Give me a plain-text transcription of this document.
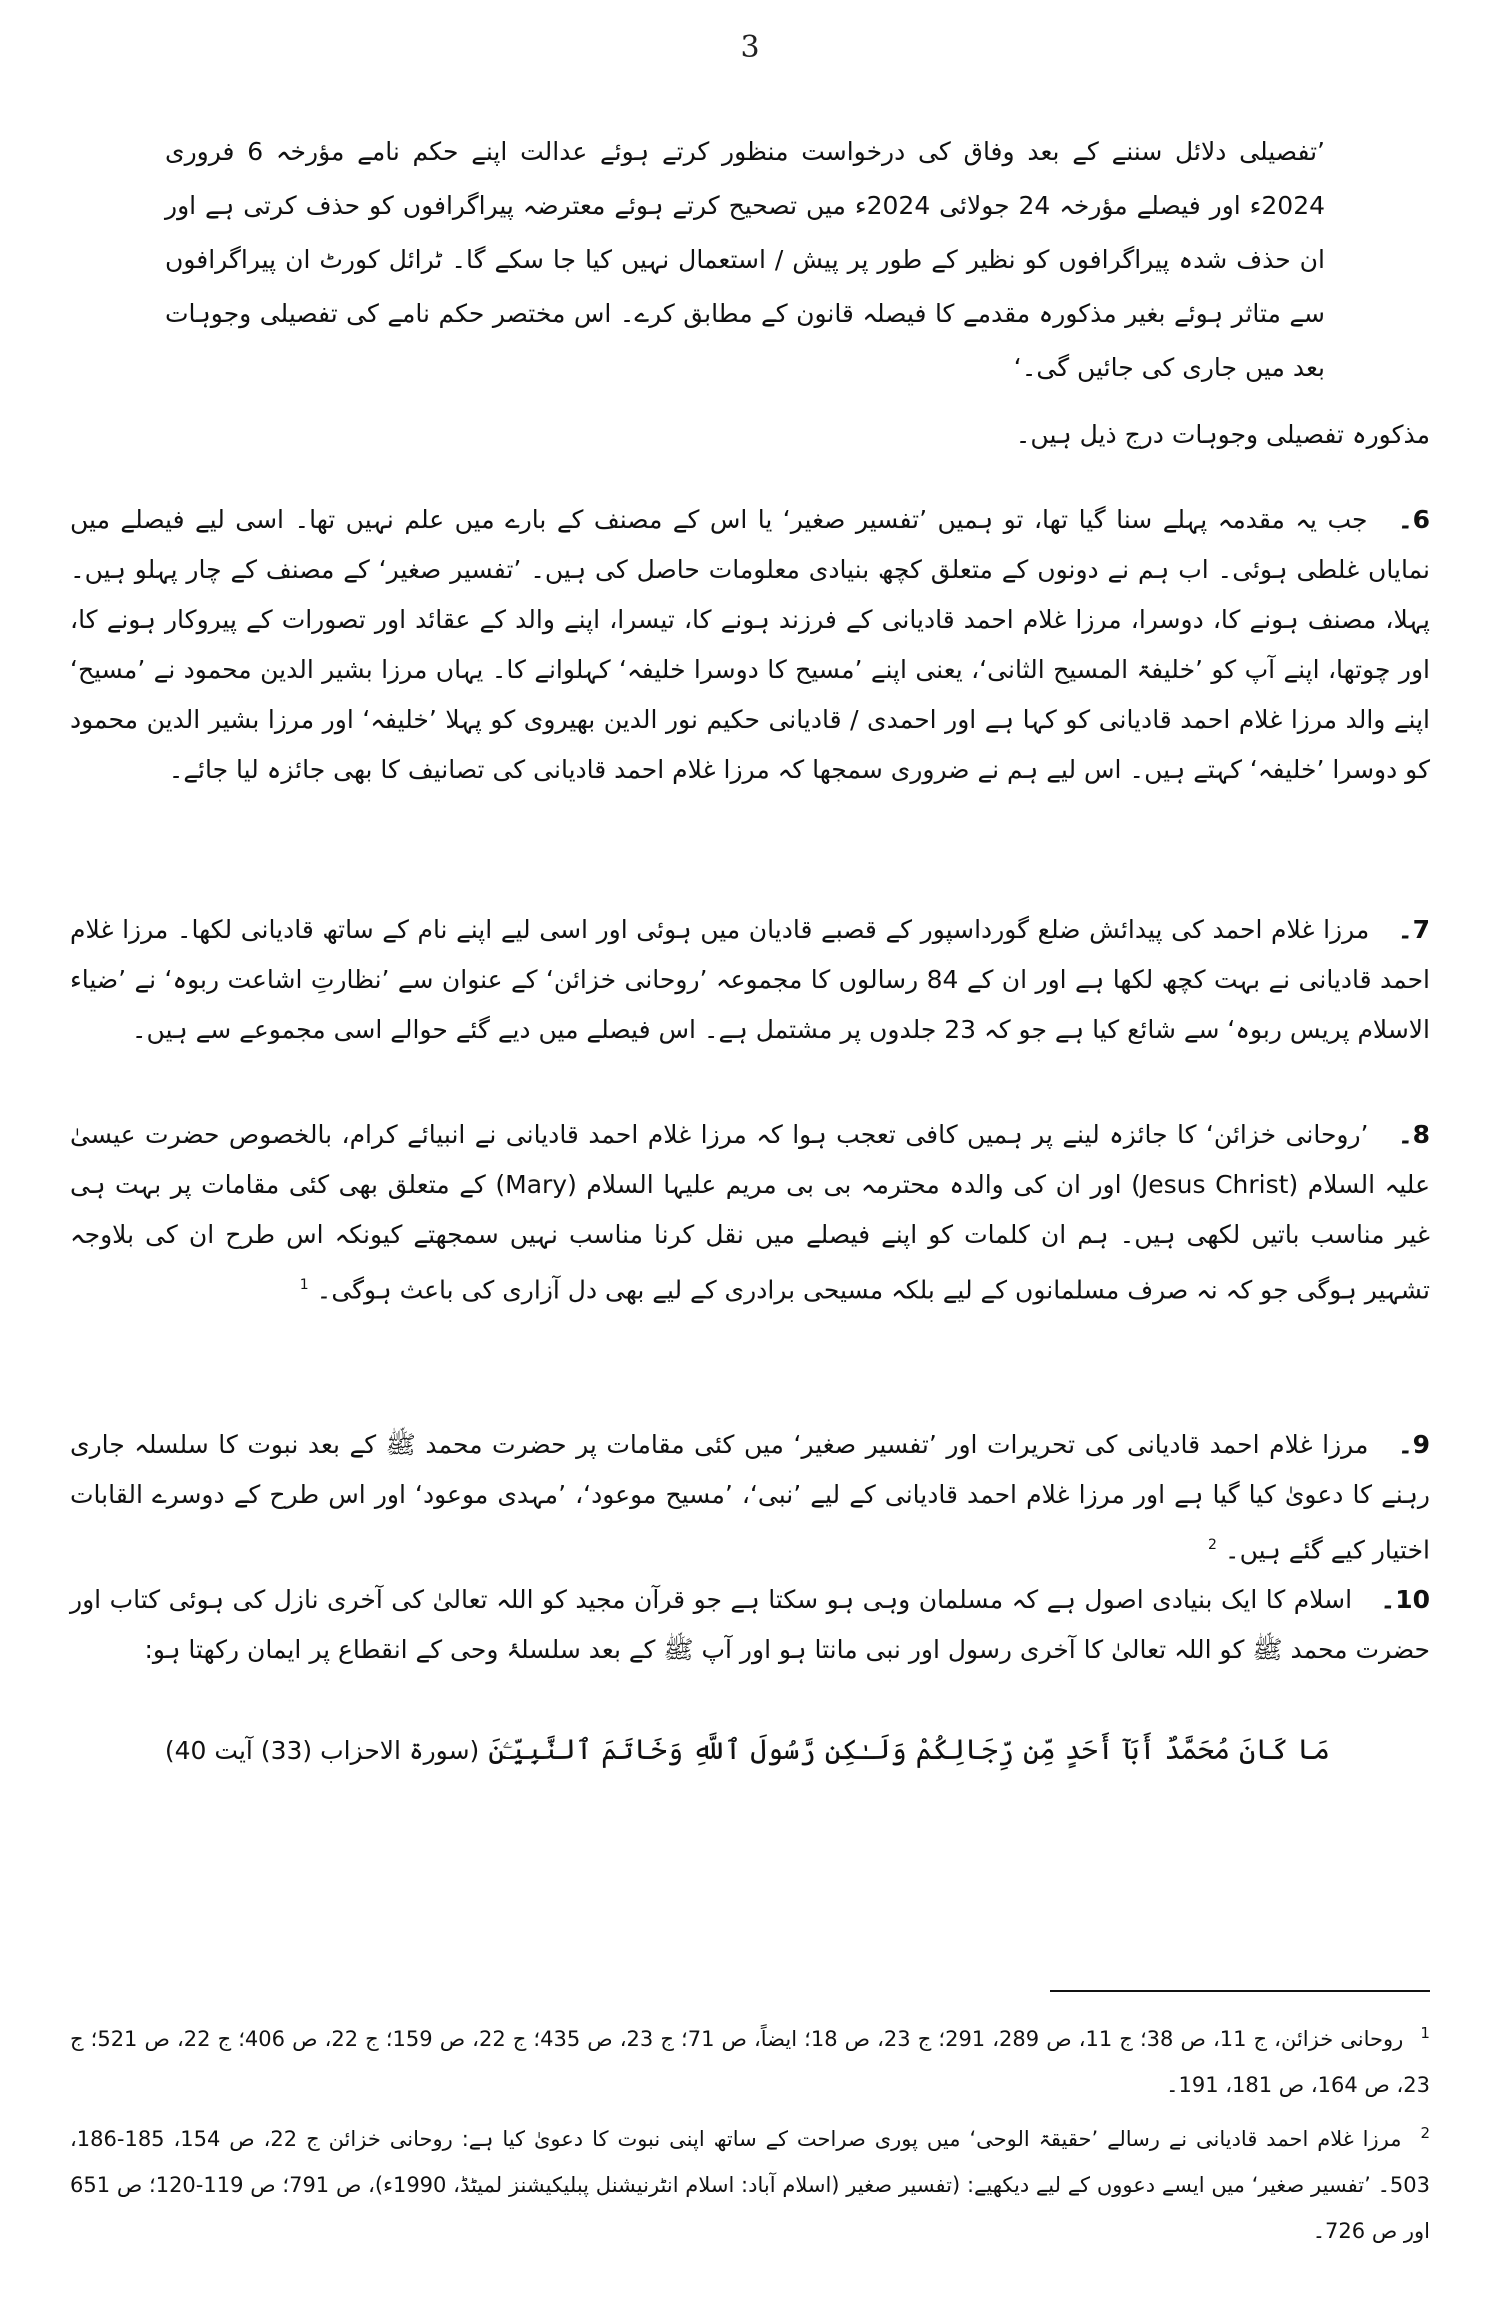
3

’تفصیلی دلائل سننے کے بعد وفاق کی درخواست منظور کرتے ہوئے عدالت اپنے حکم نامے مؤرخہ 6 فروری 2024ء اور فیصلے مؤرخہ 24 جولائی 2024ء میں تصحیح کرتے ہوئے معترضہ پیراگرافوں کو حذف کرتی ہے اور ان حذف شدہ پیراگرافوں کو نظیر کے طور پر پیش / استعمال نہیں کیا جا سکے گا۔ ٹرائل کورٹ ان پیراگرافوں سے متاثر ہوئے بغیر مذکورہ مقدمے کا فیصلہ قانون کے مطابق کرے۔ اس مختصر حکم نامے کی تفصیلی وجوہات بعد میں جاری کی جائیں گی۔‘

مذکورہ تفصیلی وجوہات درج ذیل ہیں۔

6۔ جب یہ مقدمہ پہلے سنا گیا تھا، تو ہمیں ’تفسیر صغیر‘ یا اس کے مصنف کے بارے میں علم نہیں تھا۔ اسی لیے فیصلے میں نمایاں غلطی ہوئی۔ اب ہم نے دونوں کے متعلق کچھ بنیادی معلومات حاصل کی ہیں۔ ’تفسیر صغیر‘ کے مصنف کے چار پہلو ہیں۔ پہلا، مصنف ہونے کا، دوسرا، مرزا غلام احمد قادیانی کے فرزند ہونے کا، تیسرا، اپنے والد کے عقائد اور تصورات کے پیروکار ہونے کا، اور چوتھا، اپنے آپ کو ’خلیفۃ المسیح الثانی‘، یعنی اپنے ’مسیح کا دوسرا خلیفہ‘ کہلوانے کا۔ یہاں مرزا بشیر الدین محمود نے ’مسیح‘ اپنے والد مرزا غلام احمد قادیانی کو کہا ہے اور احمدی / قادیانی حکیم نور الدین بھیروی کو پہلا ’خلیفہ‘ اور مرزا بشیر الدین محمود کو دوسرا ’خلیفہ‘ کہتے ہیں۔ اس لیے ہم نے ضروری سمجھا کہ مرزا غلام احمد قادیانی کی تصانیف کا بھی جائزہ لیا جائے۔

7۔ مرزا غلام احمد کی پیدائش ضلع گورداسپور کے قصبے قادیان میں ہوئی اور اسی لیے اپنے نام کے ساتھ قادیانی لکھا۔ مرزا غلام احمد قادیانی نے بہت کچھ لکھا ہے اور ان کے 84 رسالوں کا مجموعہ ’روحانی خزائن‘ کے عنوان سے ’نظارتِ اشاعت ربوہ‘ نے ’ضیاء الاسلام پریس ربوہ‘ سے شائع کیا ہے جو کہ 23 جلدوں پر مشتمل ہے۔ اس فیصلے میں دیے گئے حوالے اسی مجموعے سے ہیں۔

8۔ ’روحانی خزائن‘ کا جائزہ لینے پر ہمیں کافی تعجب ہوا کہ مرزا غلام احمد قادیانی نے انبیائے کرام، بالخصوص حضرت عیسیٰ علیہ السلام (Jesus Christ) اور ان کی والدہ محترمہ بی بی مریم علیہا السلام (Mary) کے متعلق بھی کئی مقامات پر بہت ہی غیر مناسب باتیں لکھی ہیں۔ ہم ان کلمات کو اپنے فیصلے میں نقل کرنا مناسب نہیں سمجھتے کیونکہ اس طرح ان کی بلاوجہ تشہیر ہوگی جو کہ نہ صرف مسلمانوں کے لیے بلکہ مسیحی برادری کے لیے بھی دل آزاری کی باعث ہوگی۔ $^1$

9۔ مرزا غلام احمد قادیانی کی تحریرات اور ’تفسیر صغیر‘ میں کئی مقامات پر حضرت محمد ﷺ کے بعد نبوت کا سلسلہ جاری رہنے کا دعویٰ کیا گیا ہے اور مرزا غلام احمد قادیانی کے لیے ’نبی‘، ’مسیح موعود‘، ’مہدی موعود‘ اور اس طرح کے دوسرے القابات اختیار کیے گئے ہیں۔ $^2$

10۔ اسلام کا ایک بنیادی اصول ہے کہ مسلمان وہی ہو سکتا ہے جو قرآن مجید کو اللہ تعالیٰ کی آخری نازل کی ہوئی کتاب اور حضرت محمد ﷺ کو اللہ تعالیٰ کا آخری رسول اور نبی مانتا ہو اور آپ ﷺ کے بعد سلسلۂ وحی کے انقطاع پر ایمان رکھتا ہو:

مَا كَانَ مُحَمَّدٌ أَبَآ أَحَدٍ مِّن رِّجَالِكُمْ وَلَـٰكِن رَّسُولَ ٱللَّهِ وَخَاتَمَ ٱلنَّبِيِّـۧنَ (سورۃ الاحزاب (33) آیت 40)

$^1$ روحانی خزائن، ج 11، ص 38؛ ج 11، ص 289، 291؛ ج 23، ص 18؛ ایضاً، ص 71؛ ج 23، ص 435؛ ج 22، ص 159؛ ج 22، ص 406؛ ج 22، ص 521؛ ج 23، ص 164، ص 181، 191۔

$^2$ مرزا غلام احمد قادیانی نے رسالے ’حقیقۃ الوحی‘ میں پوری صراحت کے ساتھ اپنی نبوت کا دعویٰ کیا ہے: روحانی خزائن ج 22، ص 154، 185-186، 503۔ ’تفسیر صغیر‘ میں ایسے دعووں کے لیے دیکھیے: (تفسیر صغیر (اسلام آباد: اسلام انٹرنیشنل پبلیکیشنز لمیٹڈ، 1990ء)، ص 791؛ ص 119-120؛ ص 651 اور ص 726۔
